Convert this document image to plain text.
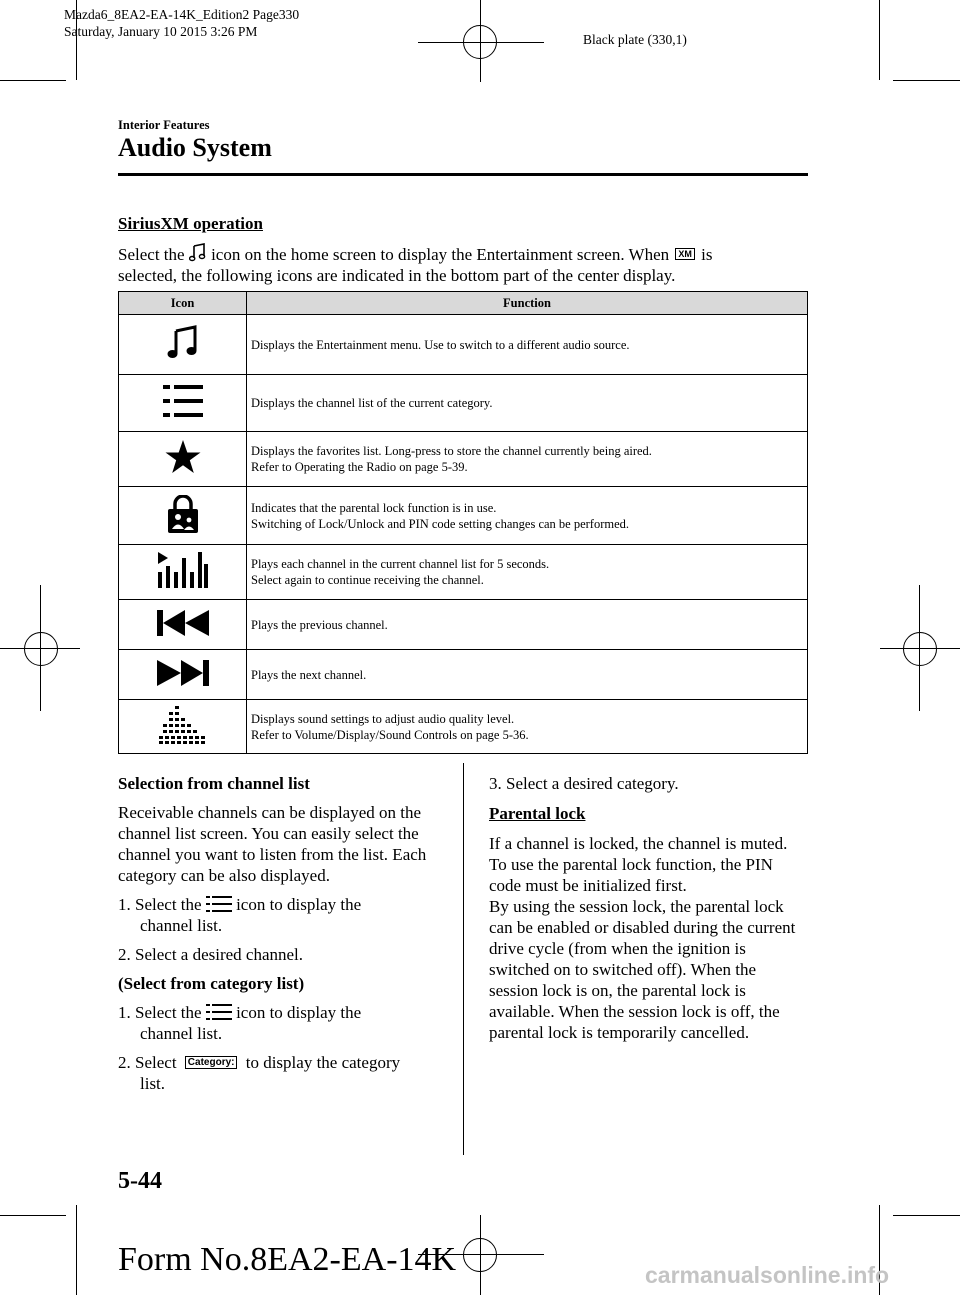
Mazda6_8EA2-EA-14K_Edition2 Page330
Saturday, January 10 2015 3:26 PM
Black plate (330,1)
Interior Features
Audio System
SiriusXM operation
Select the icon on the home screen to display the Entertainment screen. When XM is
selected, the following icons are indicated in the bottom part of the center display.
Icon	Function
	Displays the Entertainment menu. Use to switch to a different audio source.
	Displays the channel list of the current category.
	Displays the favorites list. Long-press to store the channel currently being aired.
Refer to Operating the Radio on page 5-39.
	Indicates that the parental lock function is in use.
Switching of Lock/Unlock and PIN code setting changes can be performed.
	Plays each channel in the current channel list for 5 seconds.
Select again to continue receiving the channel.
	Plays the previous channel.
	Plays the next channel.
	Displays sound settings to adjust audio quality level.
Refer to Volume/Display/Sound Controls on page 5-36.

Selection from channel list

Receivable channels can be displayed on the channel list screen. You can easily select the channel you want to listen from the list. Each category can be also displayed.

1. Select the icon to display the
channel list.

2. Select a desired channel.

(Select from category list)

1. Select the icon to display the
channel list.

2. Select Category: to display the category
list.

3. Select a desired category.

Parental lock

If a channel is locked, the channel is muted.
To use the parental lock function, the PIN code must be initialized first.
By using the session lock, the parental lock can be enabled or disabled during the current drive cycle (from when the ignition is switched on to switched off). When the session lock is on, the parental lock is available. When the session lock is off, the parental lock is temporarily cancelled.

5-44
Form No.8EA2-EA-14K	carmanualsonline.info
